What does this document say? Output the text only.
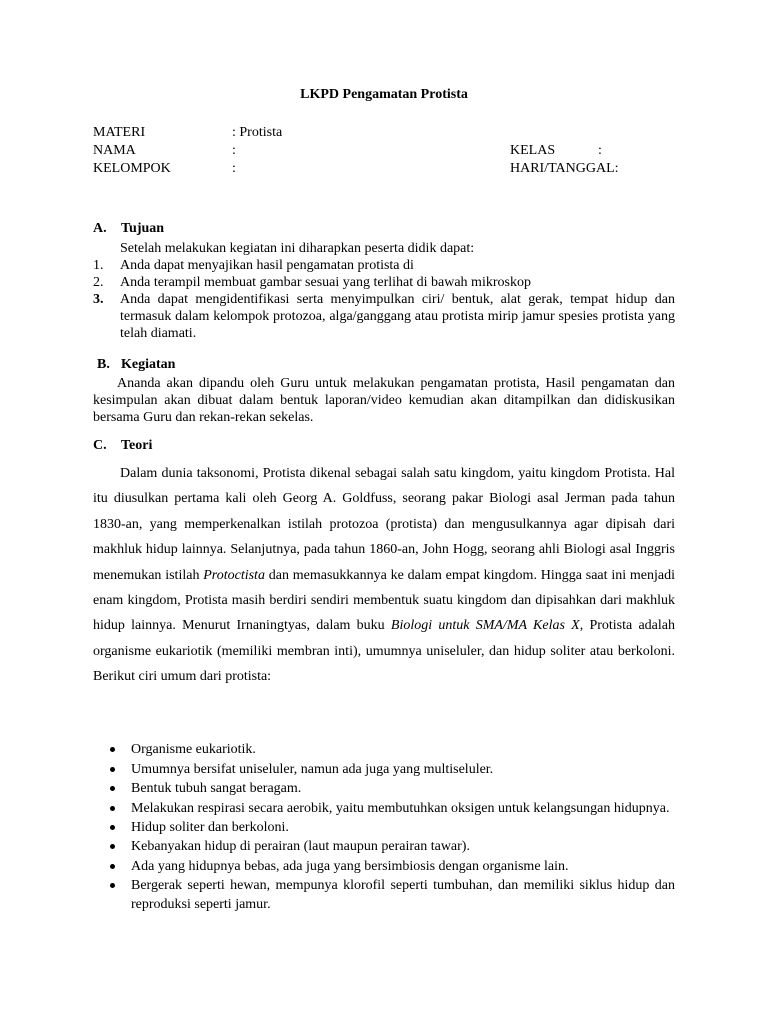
LKPD Pengamatan Protista
MATERI	: Protista
NAMA	:	KELAS	:
KELOMPOK	:	HARI/TANGGAL:
A. Tujuan
Setelah melakukan kegiatan ini diharapkan peserta didik dapat:
1. Anda dapat menyajikan hasil pengamatan protista di
2. Anda terampil membuat gambar sesuai yang terlihat di bawah mikroskop
3. Anda dapat mengidentifikasi serta menyimpulkan ciri/ bentuk, alat gerak, tempat hidup dan termasuk dalam kelompok protozoa, alga/ganggang atau protista mirip jamur spesies protista yang telah diamati.
B. Kegiatan
Ananda akan dipandu oleh Guru untuk melakukan pengamatan protista, Hasil pengamatan dan kesimpulan akan dibuat dalam bentuk laporan/video kemudian akan ditampilkan dan didiskusikan bersama Guru dan rekan-rekan sekelas.
C. Teori
Dalam dunia taksonomi, Protista dikenal sebagai salah satu kingdom, yaitu kingdom Protista. Hal itu diusulkan pertama kali oleh Georg A. Goldfuss, seorang pakar Biologi asal Jerman pada tahun 1830-an, yang memperkenalkan istilah protozoa (protista) dan mengusulkannya agar dipisah dari makhluk hidup lainnya. Selanjutnya, pada tahun 1860-an, John Hogg, seorang ahli Biologi asal Inggris menemukan istilah Protoctista dan memasukkannya ke dalam empat kingdom. Hingga saat ini menjadi enam kingdom, Protista masih berdiri sendiri membentuk suatu kingdom dan dipisahkan dari makhluk hidup lainnya. Menurut Irnaningtyas, dalam buku Biologi untuk SMA/MA Kelas X, Protista adalah organisme eukariotik (memiliki membran inti), umumnya uniseluler, dan hidup soliter atau berkoloni. Berikut ciri umum dari protista:
Organisme eukariotik.
Umumnya bersifat uniseluler, namun ada juga yang multiseluler.
Bentuk tubuh sangat beragam.
Melakukan respirasi secara aerobik, yaitu membutuhkan oksigen untuk kelangsungan hidupnya.
Hidup soliter dan berkoloni.
Kebanyakan hidup di perairan (laut maupun perairan tawar).
Ada yang hidupnya bebas, ada juga yang bersimbiosis dengan organisme lain.
Bergerak seperti hewan, mempunya klorofil seperti tumbuhan, dan memiliki siklus hidup dan reproduksi seperti jamur.
